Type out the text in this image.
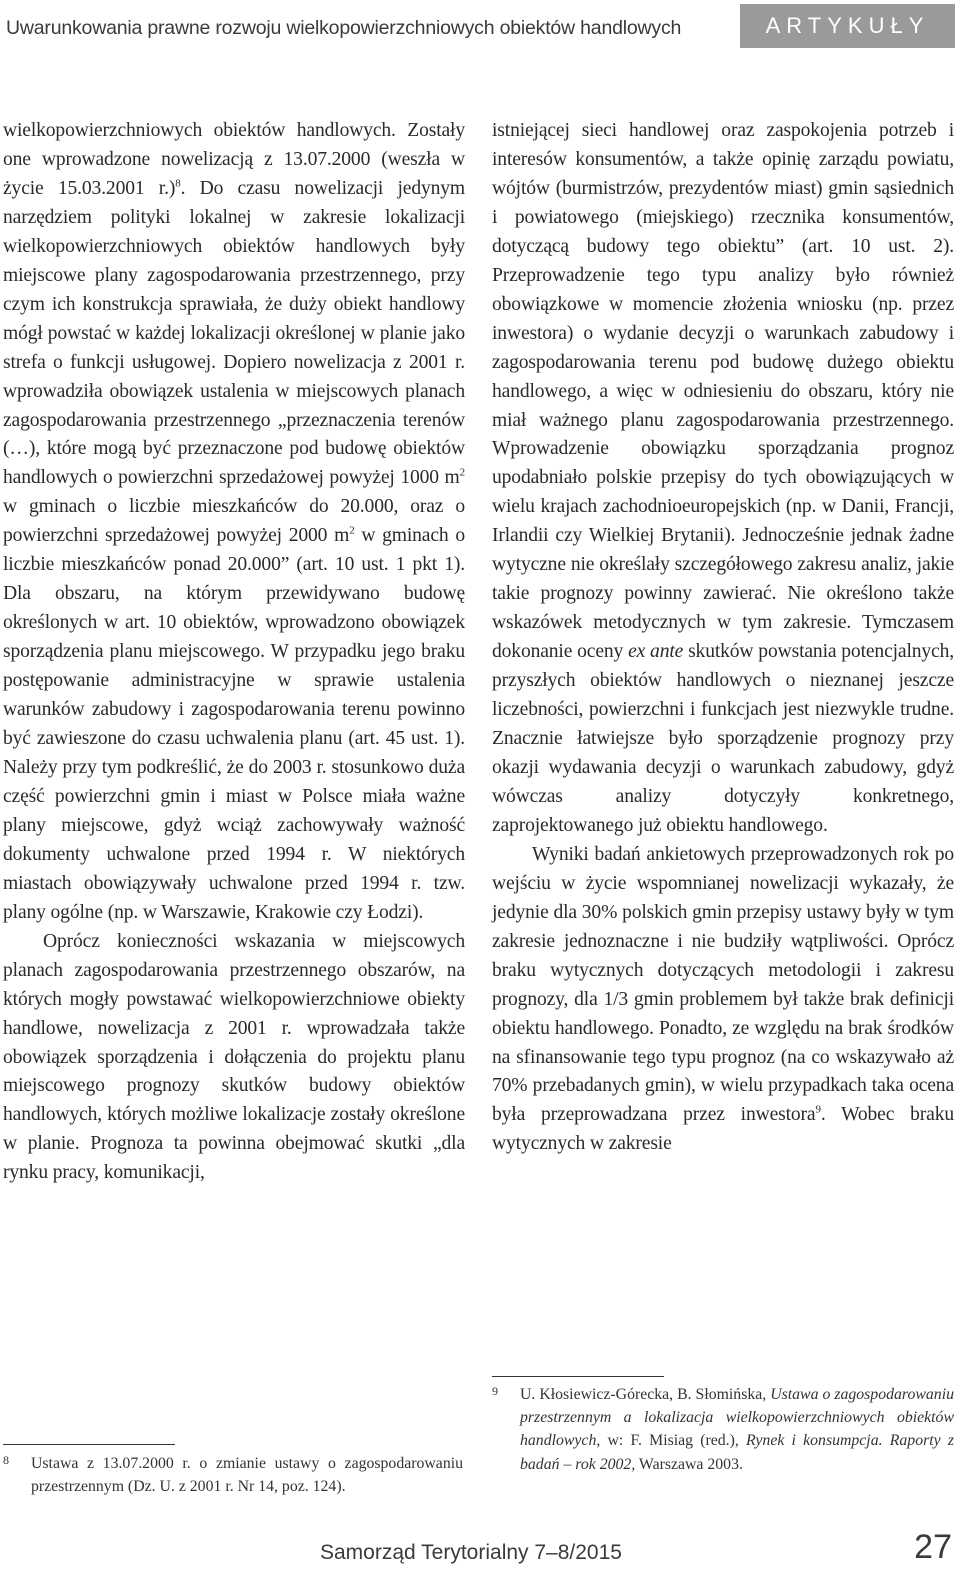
Uwarunkowania prawne rozwoju wielkopowierzchniowych obiektów handlowych	ARTYKUŁY

wielkopowierzchniowych obiektów handlowych. Zostały one wprowadzone nowelizacją z 13.07.2000 (weszła w życie 15.03.2001 r.)$^8$. Do czasu nowelizacji jedynym narzędziem polityki lokalnej w zakresie lokalizacji wielkopowierzchniowych obiektów handlowych były miejscowe plany zagospodarowania przestrzennego, przy czym ich konstrukcja sprawiała, że duży obiekt handlowy mógł powstać w każdej lokalizacji określonej w planie jako strefa o funkcji usługowej. Dopiero nowelizacja z 2001 r. wprowadziła obowiązek ustalenia w miejscowych planach zagospodarowania przestrzennego „przeznaczenia terenów (…), które mogą być przeznaczone pod budowę obiektów handlowych o powierzchni sprzedażowej powyżej 1000 $m^2$ w gminach o liczbie mieszkańców do 20.000, oraz o powierzchni sprzedażowej powyżej 2000 $m^2$ w gminach o liczbie mieszkańców ponad 20.000” (art. 10 ust. 1 pkt 1). Dla obszaru, na którym przewidywano budowę określonych w art. 10 obiektów, wprowadzono obowiązek sporządzenia planu miejscowego. W przypadku jego braku postępowanie administracyjne w sprawie ustalenia warunków zabudowy i zagospodarowania terenu powinno być zawieszone do czasu uchwalenia planu (art. 45 ust. 1). Należy przy tym podkreślić, że do 2003 r. stosunkowo duża część powierzchni gmin i miast w Polsce miała ważne plany miejscowe, gdyż wciąż zachowywały ważność dokumenty uchwalone przed 1994 r. W niektórych miastach obowiązywały uchwalone przed 1994 r. tzw. plany ogólne (np. w Warszawie, Krakowie czy Łodzi).

Oprócz konieczności wskazania w miejscowych planach zagospodarowania przestrzennego obszarów, na których mogły powstawać wielkopowierzchniowe obiekty handlowe, nowelizacja z 2001 r. wprowadzała także obowiązek sporządzenia i dołączenia do projektu planu miejscowego prognozy skutków budowy obiektów handlowych, których możliwe lokalizacje zostały określone w planie. Prognoza ta powinna obejmować skutki „dla rynku pracy, komunikacji,

istniejącej sieci handlowej oraz zaspokojenia potrzeb i interesów konsumentów, a także opinię zarządu powiatu, wójtów (burmistrzów, prezydentów miast) gmin sąsiednich i powiatowego (miejskiego) rzecznika konsumentów, dotyczącą budowy tego obiektu” (art. 10 ust. 2). Przeprowadzenie tego typu analizy było również obowiązkowe w momencie złożenia wniosku (np. przez inwestora) o wydanie decyzji o warunkach zabudowy i zagospodarowania terenu pod budowę dużego obiektu handlowego, a więc w odniesieniu do obszaru, który nie miał ważnego planu zagospodarowania przestrzennego. Wprowadzenie obowiązku sporządzania prognoz upodabniało polskie przepisy do tych obowiązujących w wielu krajach zachodnioeuropejskich (np. w Danii, Francji, Irlandii czy Wielkiej Brytanii). Jednocześnie jednak żadne wytyczne nie określały szczegółowego zakresu analiz, jakie takie prognozy powinny zawierać. Nie określono także wskazówek metodycznych w tym zakresie. Tymczasem dokonanie oceny ex ante skutków powstania potencjalnych, przyszłych obiektów handlowych o nieznanej jeszcze liczebności, powierzchni i funkcjach jest niezwykle trudne. Znacznie łatwiejsze było sporządzenie prognozy przy okazji wydawania decyzji o warunkach zabudowy, gdyż wówczas analizy dotyczyły konkretnego, zaprojektowanego już obiektu handlowego.

Wyniki badań ankietowych przeprowadzonych rok po wejściu w życie wspomnianej nowelizacji wykazały, że jedynie dla 30% polskich gmin przepisy ustawy były w tym zakresie jednoznaczne i nie budziły wątpliwości. Oprócz braku wytycznych dotyczących metodologii i zakresu prognozy, dla 1/3 gmin problemem był także brak definicji obiektu handlowego. Ponadto, ze względu na brak środków na sfinansowanie tego typu prognoz (na co wskazywało aż 70% przebadanych gmin), w wielu przypadkach taka ocena była przeprowadzana przez inwestora$^9$. Wobec braku wytycznych w zakresie

8	Ustawa z 13.07.2000 r. o zmianie ustawy o zagospodarowaniu przestrzennym (Dz. U. z 2001 r. Nr 14, poz. 124).
9	U. Kłosiewicz-Górecka, B. Słomińska, Ustawa o zagospodarowaniu przestrzennym a lokalizacja wielkopowierzchniowych obiektów handlowych, w: F. Misiag (red.), Rynek i konsumpcja. Raporty z badań – rok 2002, Warszawa 2003.
Samorząd Terytorialny 7–8/2015	27
